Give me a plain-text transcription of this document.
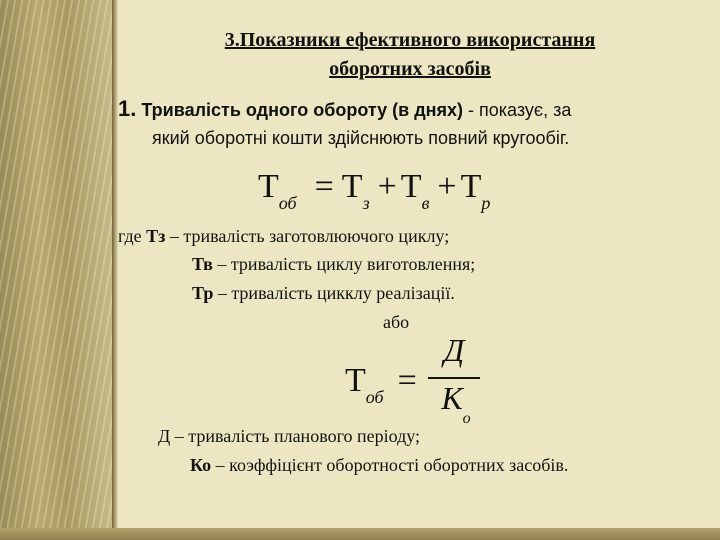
3.Показники ефективного використання
оборотних засобів
1. Тривалість одного обороту (в днях) - показує, за
який оборотні кошти здійснюють повний кругообіг.
Тоб = Тз + Тв + Тр
где Тз – тривалість заготовлюючого циклу;
Тв – тривалість циклу виготовлення;
Тр – тривалість цикклу реалізації.
або
Тоб =
Д
$К_о$
Д – тривалість планового періоду;
Ко – коэффіцієнт оборотності оборотних засобів.
